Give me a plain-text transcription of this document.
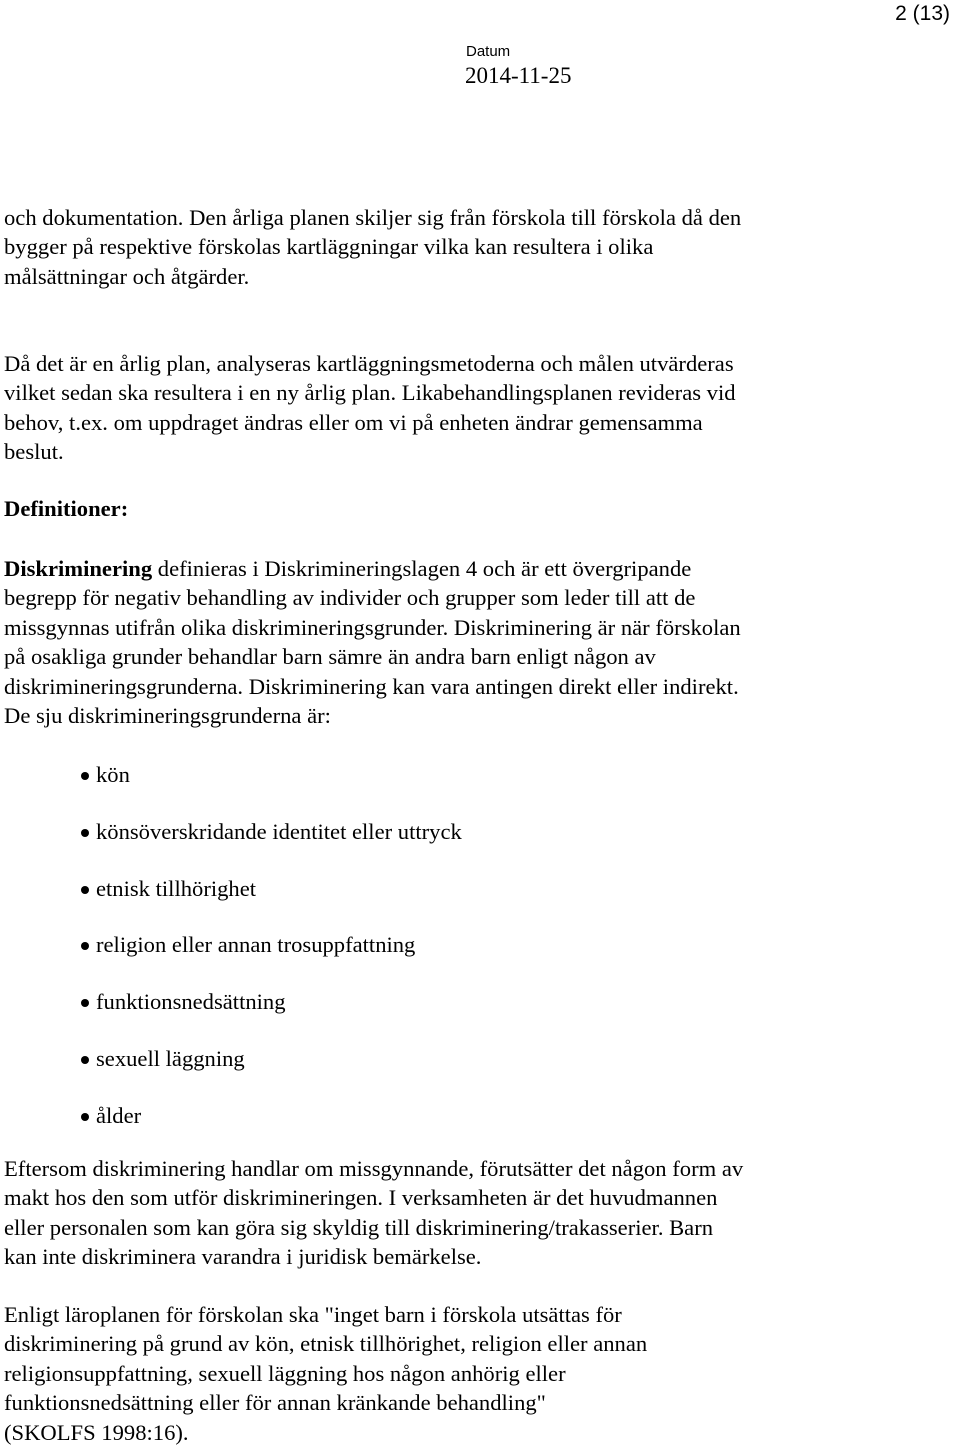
2 (13)
Datum
2014-11-25

och dokumentation. Den årliga planen skiljer sig från förskola till förskola då den
bygger på respektive förskolas kartläggningar vilka kan resultera i olika
målsättningar och åtgärder.

Då det är en årlig plan, analyseras kartläggningsmetoderna och målen utvärderas
vilket sedan ska resultera i en ny årlig plan. Likabehandlingsplanen revideras vid
behov, t.ex. om uppdraget ändras eller om vi på enheten ändrar gemensamma
beslut.

Definitioner:

Diskriminering definieras i Diskrimineringslagen 4 och är ett övergripande
begrepp för negativ behandling av individer och grupper som leder till att de
missgynnas utifrån olika diskrimineringsgrunder. Diskriminering är när förskolan
på osakliga grunder behandlar barn sämre än andra barn enligt någon av
diskrimineringsgrunderna. Diskriminering kan vara antingen direkt eller indirekt.
De sju diskrimineringsgrunderna är:

kön
könsöverskridande identitet eller uttryck
etnisk tillhörighet
religion eller annan trosuppfattning
funktionsnedsättning
sexuell läggning
ålder

Eftersom diskriminering handlar om missgynnande, förutsätter det någon form av
makt hos den som utför diskrimineringen. I verksamheten är det huvudmannen
eller personalen som kan göra sig skyldig till diskriminering/trakasserier. Barn
kan inte diskriminera varandra i juridisk bemärkelse.

Enligt läroplanen för förskolan ska "inget barn i förskola utsättas för
diskriminering på grund av kön, etnisk tillhörighet, religion eller annan
religionsuppfattning, sexuell läggning hos någon anhörig eller
funktionsnedsättning eller för annan kränkande behandling"
(SKOLFS 1998:16).
